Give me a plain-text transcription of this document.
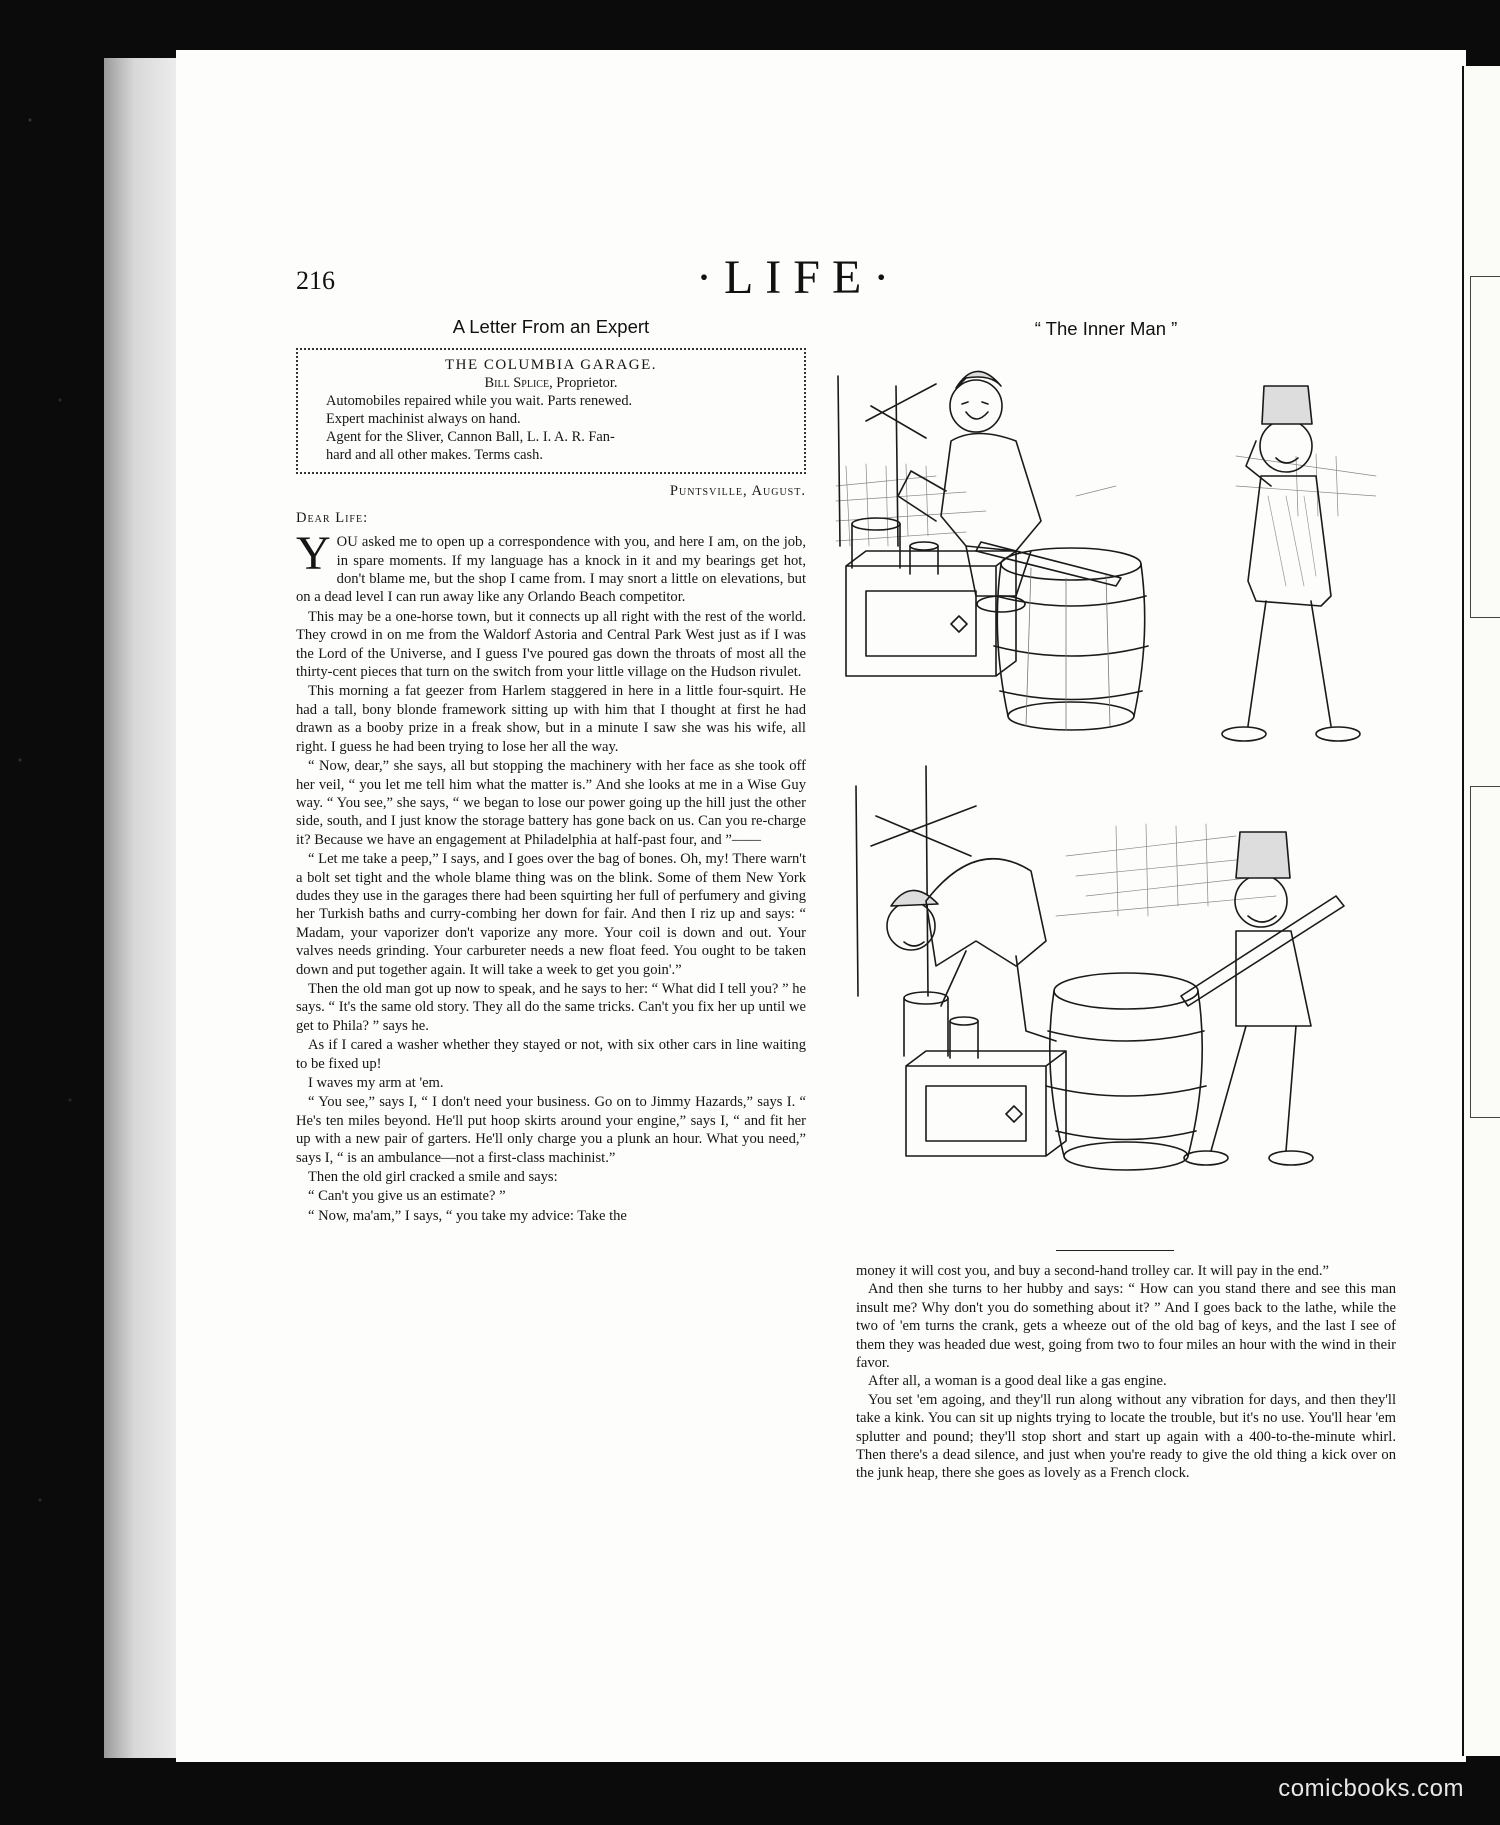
216	·LIFE·
A Letter From an Expert
THE COLUMBIA GARAGE.
Bill Splice, Proprietor.
Automobiles repaired while you wait. Parts renewed.
Expert machinist always on hand.
Agent for the Sliver, Cannon Ball, L. I. A. R. Fan-
hard and all other makes. Terms cash.
Puntsville, August.
Dear Life:

YOU asked me to open up a correspondence with you, and here I am, on the job, in spare moments. If my language has a knock in it and my bearings get hot, don't blame me, but the shop I came from. I may snort a little on elevations, but on a dead level I can run away like any Orlando Beach competitor.

This may be a one-horse town, but it connects up all right with the rest of the world. They crowd in on me from the Waldorf Astoria and Central Park West just as if I was the Lord of the Universe, and I guess I've poured gas down the throats of most all the thirty-cent pieces that turn on the switch from your little village on the Hudson rivulet.

This morning a fat geezer from Harlem staggered in here in a little four-squirt. He had a tall, bony blonde framework sitting up with him that I thought at first he had drawn as a booby prize in a freak show, but in a minute I saw she was his wife, all right. I guess he had been trying to lose her all the way.

“ Now, dear,” she says, all but stopping the machinery with her face as she took off her veil, “ you let me tell him what the matter is.” And she looks at me in a Wise Guy way. “ You see,” she says, “ we began to lose our power going up the hill just the other side, south, and I just know the storage battery has gone back on us. Can you re-charge it? Because we have an engagement at Philadelphia at half-past four, and ”——

“ Let me take a peep,” I says, and I goes over the bag of bones. Oh, my! There warn't a bolt set tight and the whole blame thing was on the blink. Some of them New York dudes they use in the garages there had been squirting her full of perfumery and giving her Turkish baths and curry-combing her down for fair. And then I riz up and says: “ Madam, your vaporizer don't vaporize any more. Your coil is down and out. Your valves needs grinding. Your carbureter needs a new float feed. You ought to be taken down and put together again. It will take a week to get you goin'.”

Then the old man got up now to speak, and he says to her: “ What did I tell you? ” he says. “ It's the same old story. They all do the same tricks. Can't you fix her up until we get to Phila? ” says he.

As if I cared a washer whether they stayed or not, with six other cars in line waiting to be fixed up!

I waves my arm at 'em.

“ You see,” says I, “ I don't need your business. Go on to Jimmy Hazards,” says I. “ He's ten miles beyond. He'll put hoop skirts around your engine,” says I, “ and fit her up with a new pair of garters. He'll only charge you a plunk an hour. What you need,” says I, “ is an ambulance—not a first-class machinist.”

Then the old girl cracked a smile and says:

“ Can't you give us an estimate? ”

“ Now, ma'am,” I says, “ you take my advice: Take the

“ The Inner Man ”

money it will cost you, and buy a second-hand trolley car. It will pay in the end.”

And then she turns to her hubby and says: “ How can you stand there and see this man insult me? Why don't you do something about it? ” And I goes back to the lathe, while the two of 'em turns the crank, gets a wheeze out of the old bag of keys, and the last I see of them they was headed due west, going from two to four miles an hour with the wind in their favor.

After all, a woman is a good deal like a gas engine.

You set 'em agoing, and they'll run along without any vibration for days, and then they'll take a kink. You can sit up nights trying to locate the trouble, but it's no use. You'll hear 'em splutter and pound; they'll stop short and start up again with a 400-to-the-minute whirl. Then there's a dead silence, and just when you're ready to give the old thing a kick over on the junk heap, there she goes as lovely as a French clock.

comicbooks.com
